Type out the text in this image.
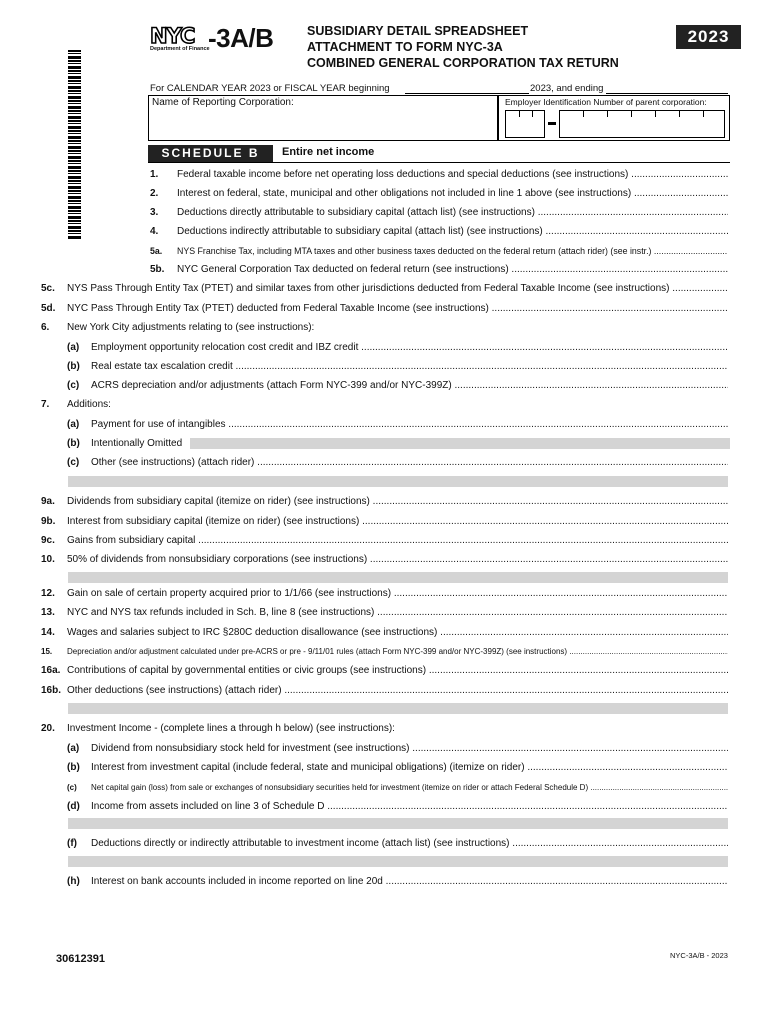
NYC -3A/B
Department of Finance
SUBSIDIARY DETAIL SPREADSHEET
ATTACHMENT TO FORM NYC-3A
COMBINED GENERAL CORPORATION TAX RETURN
2023
For CALENDAR YEAR 2023 or FISCAL YEAR beginning	2023, and ending
Name of Reporting Corporation:	Employer Identification Number of parent corporation:
SCHEDULE B	Entire net income
1. Federal taxable income before net operating loss deductions and special deductions (see instructions) .....
2. Interest on federal, state, municipal and other obligations not included in line 1 above (see instructions) .....
3. Deductions directly attributable to subsidiary capital (attach list) (see instructions) .....
4. Deductions indirectly attributable to subsidiary capital (attach list) (see instructions) .....
5a. NYS Franchise Tax, including MTA taxes and other business taxes deducted on the federal return (attach rider) (see instr.) .....
5b. NYC General Corporation Tax deducted on federal return (see instructions) .....
5c. NYS Pass Through Entity Tax (PTET) and similar taxes from other jurisdictions deducted from Federal Taxable Income (see instructions) .....
5d. NYC Pass Through Entity Tax (PTET) deducted from Federal Taxable Income (see instructions) .....
6. New York City adjustments relating to (see instructions):
(a) Employment opportunity relocation cost credit and IBZ credit .....
(b) Real estate tax escalation credit .....
(c) ACRS depreciation and/or adjustments (attach Form NYC-399 and/or NYC-399Z) .....
7. Additions:
(a) Payment for use of intangibles .....
(b) Intentionally Omitted
(c) Other (see instructions) (attach rider) .....
9a. Dividends from subsidiary capital (itemize on rider) (see instructions) .....
9b. Interest from subsidiary capital (itemize on rider) (see instructions) .....
9c. Gains from subsidiary capital .....
10. 50% of dividends from nonsubsidiary corporations (see instructions) .....
12. Gain on sale of certain property acquired prior to 1/1/66 (see instructions) .....
13. NYC and NYS tax refunds included in Sch. B, line 8 (see instructions) .....
14. Wages and salaries subject to IRC §280C deduction disallowance (see instructions) .....
15. Depreciation and/or adjustment calculated under pre-ACRS or pre - 9/11/01 rules (attach Form NYC-399 and/or NYC-399Z) (see instructions) .....
16a. Contributions of capital by governmental entities or civic groups (see instructions) .....
16b. Other deductions (see instructions) (attach rider) .....
20. Investment Income - (complete lines a through h below) (see instructions):
(a) Dividend from nonsubsidiary stock held for investment (see instructions) .....
(b) Interest from investment capital (include federal, state and municipal obligations) (itemize on rider) .....
(c) Net capital gain (loss) from sale or exchanges of nonsubsidiary securities held for investment (itemize on rider or attach Federal Schedule D) .....
(d) Income from assets included on line 3 of Schedule D .....
(f) Deductions directly or indirectly attributable to investment income (attach list) (see instructions) .....
(h) Interest on bank accounts included in income reported on line 20d .....
30612391	NYC-3A/B - 2023
